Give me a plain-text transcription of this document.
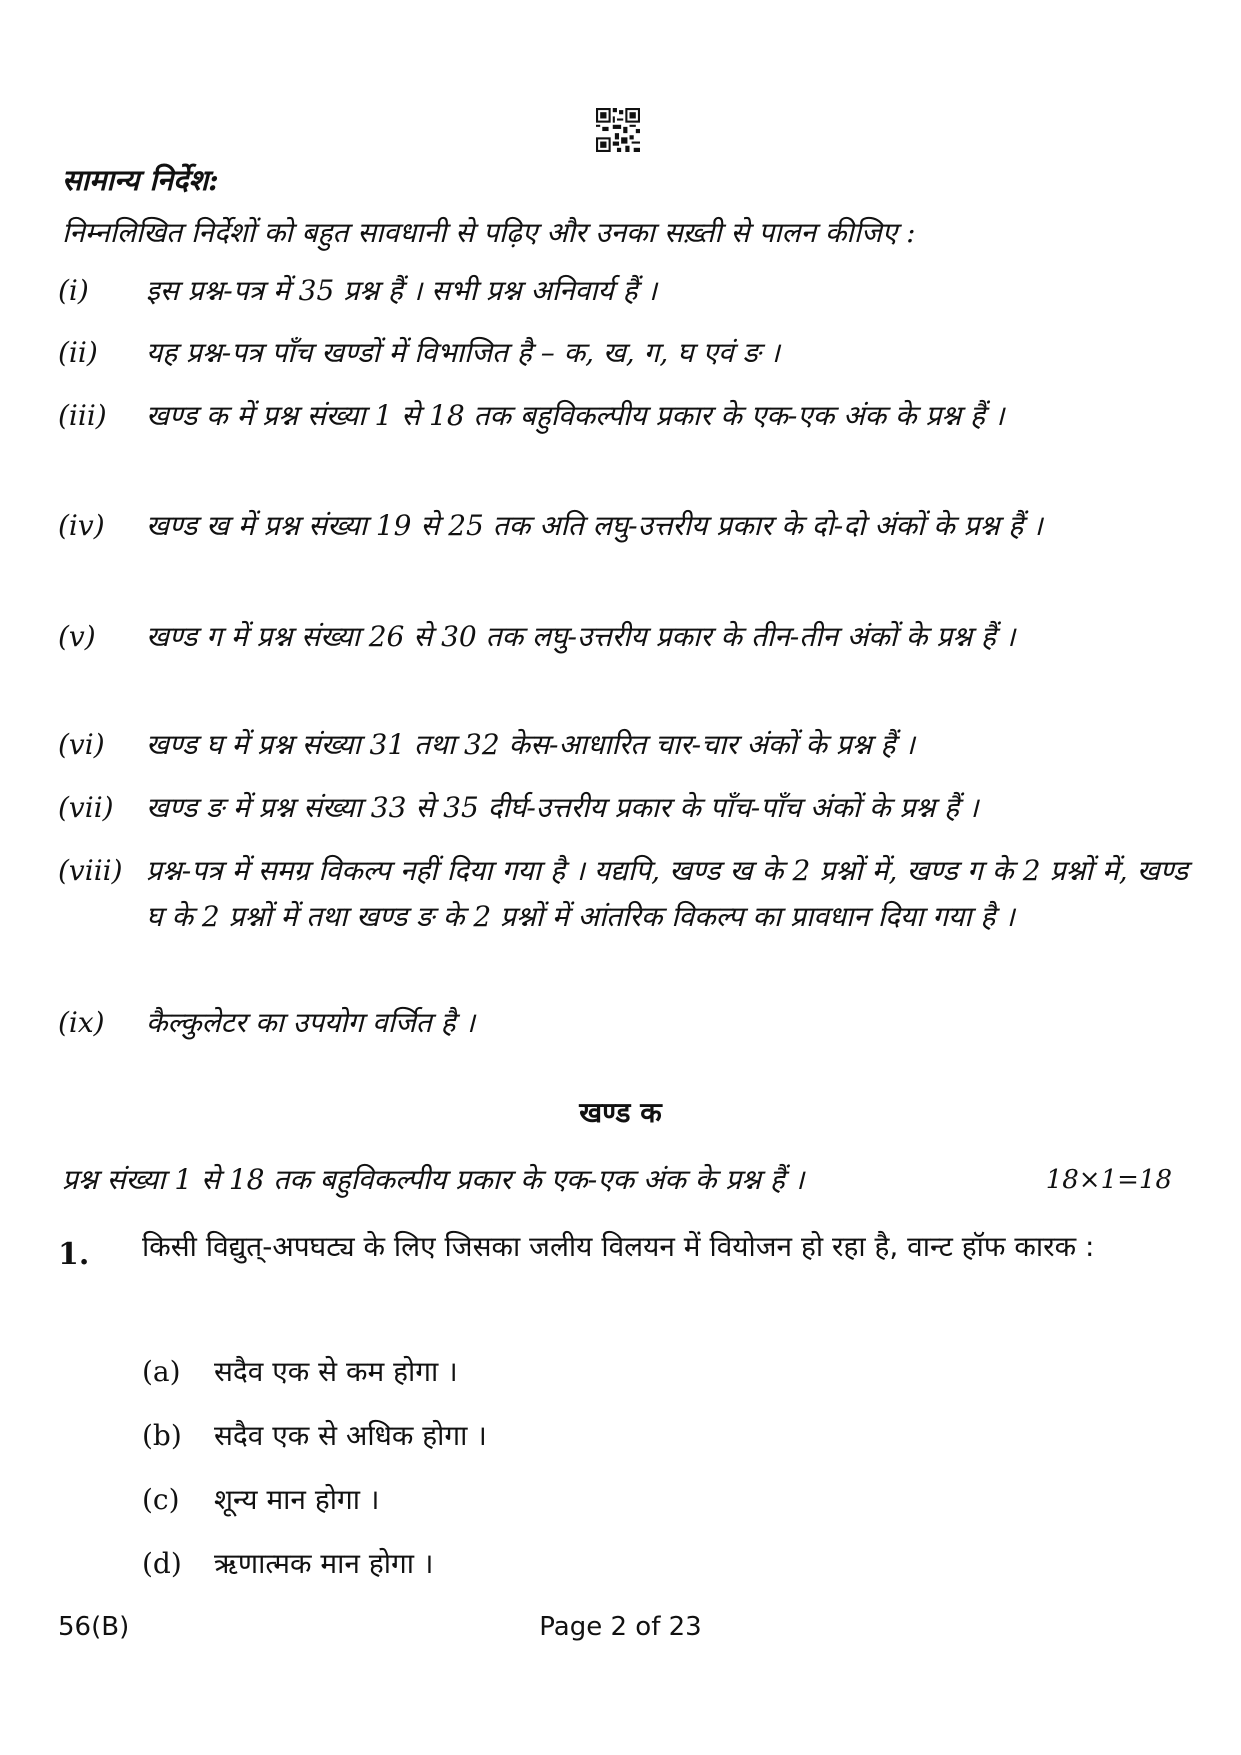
सामान्य निर्देश:
निम्नलिखित निर्देशों को बहुत सावधानी से पढ़िए और उनका सख़्ती से पालन कीजिए :
(i)	इस प्रश्न-पत्र में 35 प्रश्न हैं । सभी प्रश्न अनिवार्य हैं ।
(ii)	यह प्रश्न-पत्र पाँच खण्डों में विभाजित है – क, ख, ग, घ एवं ङ ।
(iii)	खण्ड क में प्रश्न संख्या 1 से 18 तक बहुविकल्पीय प्रकार के एक-एक अंक के प्रश्न हैं ।
(iv)	खण्ड ख में प्रश्न संख्या 19 से 25 तक अति लघु-उत्तरीय प्रकार के दो-दो अंकों के प्रश्न हैं ।
(v)	खण्ड ग में प्रश्न संख्या 26 से 30 तक लघु-उत्तरीय प्रकार के तीन-तीन अंकों के प्रश्न हैं ।
(vi)	खण्ड घ में प्रश्न संख्या 31 तथा 32 केस-आधारित चार-चार अंकों के प्रश्न हैं ।
(vii)	खण्ड ङ में प्रश्न संख्या 33 से 35 दीर्घ-उत्तरीय प्रकार के पाँच-पाँच अंकों के प्रश्न हैं ।
(viii) प्रश्न-पत्र में समग्र विकल्प नहीं दिया गया है । यद्यपि, खण्ड ख के 2 प्रश्नों में, खण्ड ग के 2 प्रश्नों में, खण्ड घ के 2 प्रश्नों में तथा खण्ड ङ के 2 प्रश्नों में आंतरिक विकल्प का प्रावधान दिया गया है ।
(ix)	कैल्कुलेटर का उपयोग वर्जित है ।
खण्ड क
प्रश्न संख्या 1 से 18 तक बहुविकल्पीय प्रकार के एक-एक अंक के प्रश्न हैं ।	18×1=18
1. किसी विद्युत्-अपघट्य के लिए जिसका जलीय विलयन में वियोजन हो रहा है, वान्ट हॉफ कारक :
(a) सदैव एक से कम होगा ।
(b) सदैव एक से अधिक होगा ।
(c) शून्य मान होगा ।
(d) ऋणात्मक मान होगा ।
56(B)	Page 2 of 23
